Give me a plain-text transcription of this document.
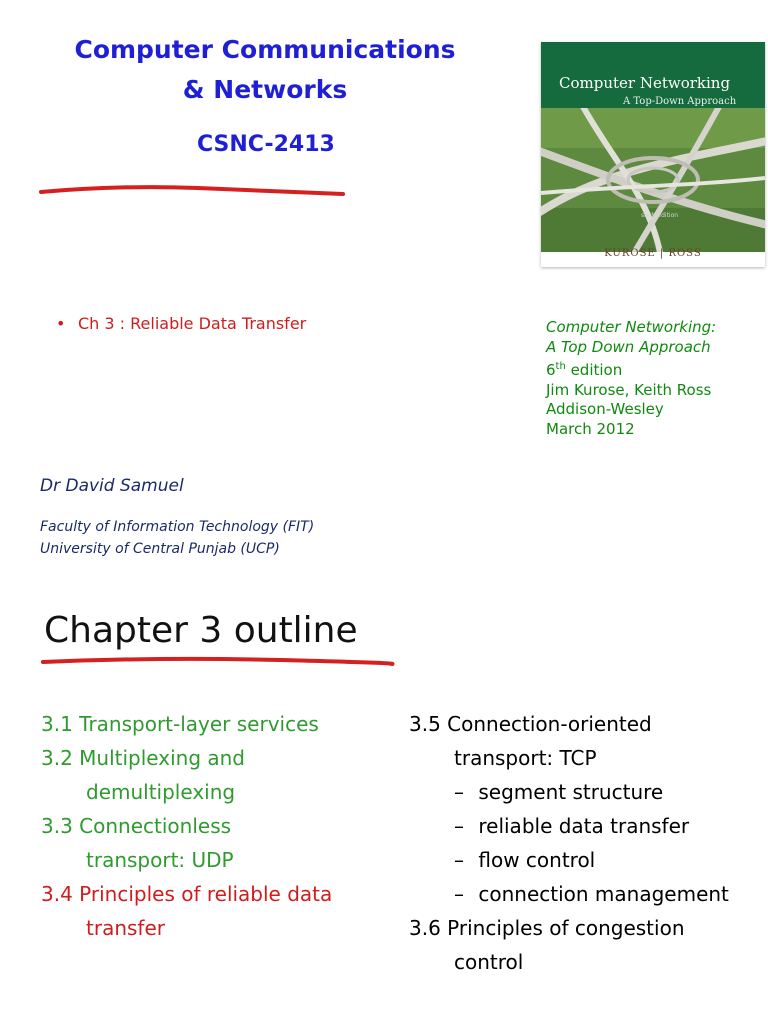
Computer Communications
& Networks
CSNC-2413
Computer Networking
A Top-Down Approach
sixth edition
KUROSE | ROSS
• Ch 3 : Reliable Data Transfer	Computer Networking:
A Top Down Approach
6th edition
Jim Kurose, Keith Ross
Addison-Wesley
March 2012
Dr David Samuel
Faculty of Information Technology (FIT)
University of Central Punjab (UCP)
Chapter 3 outline
3.1 Transport-layer services
3.2 Multiplexing and
demultiplexing
3.3 Connectionless
transport: UDP
3.4 Principles of reliable data
transfer
3.5 Connection-oriented
transport: TCP
– segment structure
– reliable data transfer
– flow control
– connection management
3.6 Principles of congestion
control
